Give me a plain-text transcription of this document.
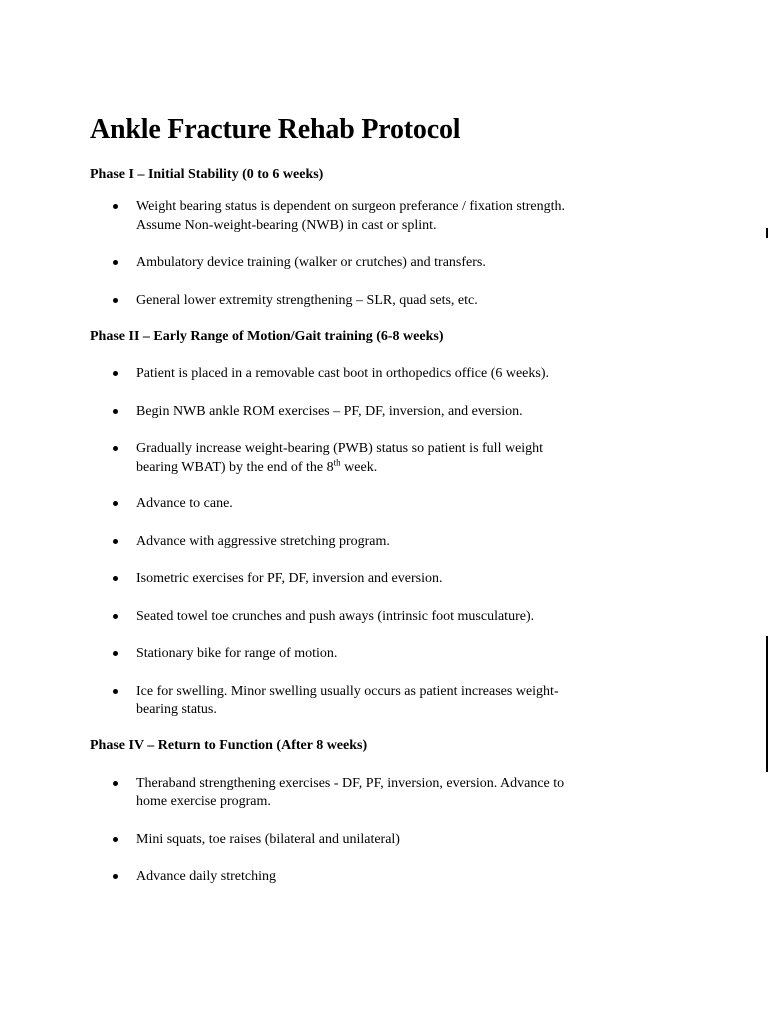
Ankle Fracture Rehab Protocol

Phase I – Initial Stability (0 to 6 weeks)

Weight bearing status is dependent on surgeon preferance / fixation strength.
Assume Non-weight-bearing (NWB) in cast or splint.
Ambulatory device training (walker or crutches) and transfers.
General lower extremity strengthening – SLR, quad sets, etc.

Phase II – Early Range of Motion/Gait training (6-8 weeks)

Patient is placed in a removable cast boot in orthopedics office (6 weeks).
Begin NWB ankle ROM exercises – PF, DF, inversion, and eversion.
Gradually increase weight-bearing (PWB) status so patient is full weight
bearing WBAT) by the end of the 8th week.
Advance to cane.
Advance with aggressive stretching program.
Isometric exercises for PF, DF, inversion and eversion.
Seated towel toe crunches and push aways (intrinsic foot musculature).
Stationary bike for range of motion.
Ice for swelling. Minor swelling usually occurs as patient increases weight-
bearing status.

Phase IV – Return to Function (After 8 weeks)

Theraband strengthening exercises - DF, PF, inversion, eversion. Advance to
home exercise program.
Mini squats, toe raises (bilateral and unilateral)
Advance daily stretching
